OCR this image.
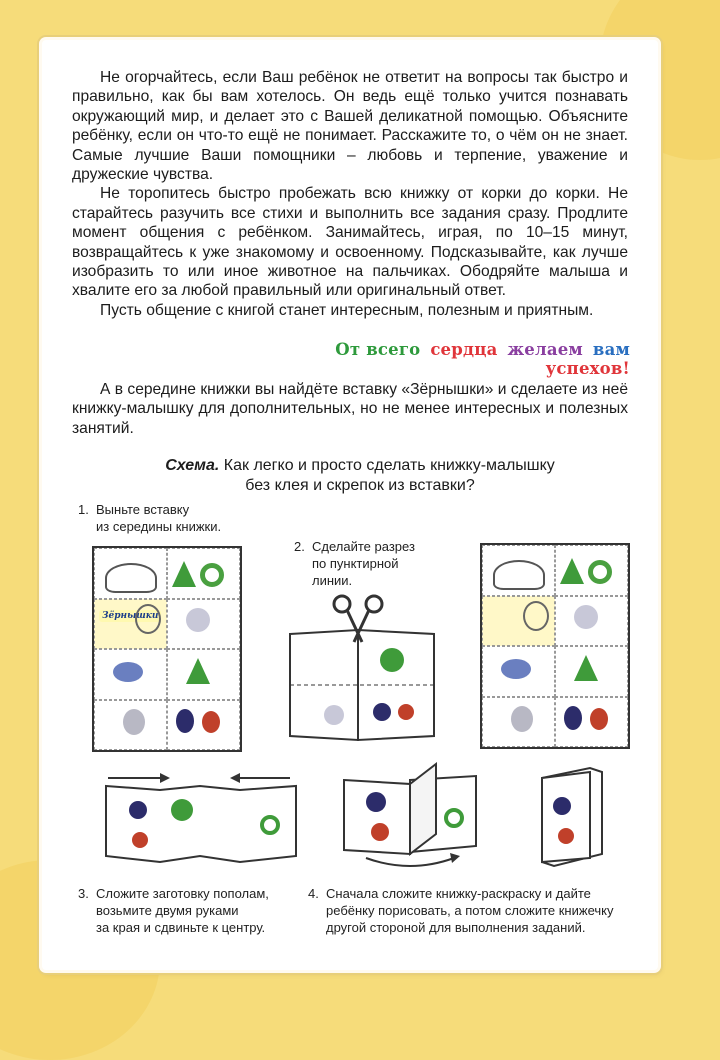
Не огорчайтесь, если Ваш ребёнок не ответит на вопросы так быстро и правильно, как бы вам хотелось. Он ведь ещё только учится познавать окружающий мир, и делает это с Вашей деликатной помощью. Объясните ребёнку, если он что-то ещё не понимает. Расскажите то, о чём он не знает. Самые лучшие Ваши помощники – любовь и терпение, уважение и дружеские чувства.

Не торопитесь быстро пробежать всю книжку от корки до корки. Не старайтесь разучить все стихи и выполнить все задания сразу. Продлите момент общения с ребёнком. Занимайтесь, играя, по 10–15 минут, возвращайтесь к уже знакомому и освоенному. Подсказывайте, как лучше изобразить то или иное животное на пальчиках. Ободряйте малыша и хвалите его за любой правильный или оригинальный ответ.

Пусть общение с книгой станет интересным, полезным и приятным.

От всего сердца желаем вам успехов!

А в середине книжки вы найдёте вставку «Зёрнышки» и сделаете из неё книжку-малышку для дополнительных, но не менее интересных и полезных занятий.

Схема. Как легко и просто сделать книжку-малышку
без клея и скрепок из вставки?
1. Выньте вставку
из середины книжки.
2. Сделайте разрез
по пунктирной
линии.
Зёрнышки
3. Сложите заготовку пополам,
возьмите двумя руками
за края и сдвиньте к центру.
4. Сначала сложите книжку-раскраску и дайте
ребёнку порисовать, а потом сложите книжечку
другой стороной для выполнения заданий.
